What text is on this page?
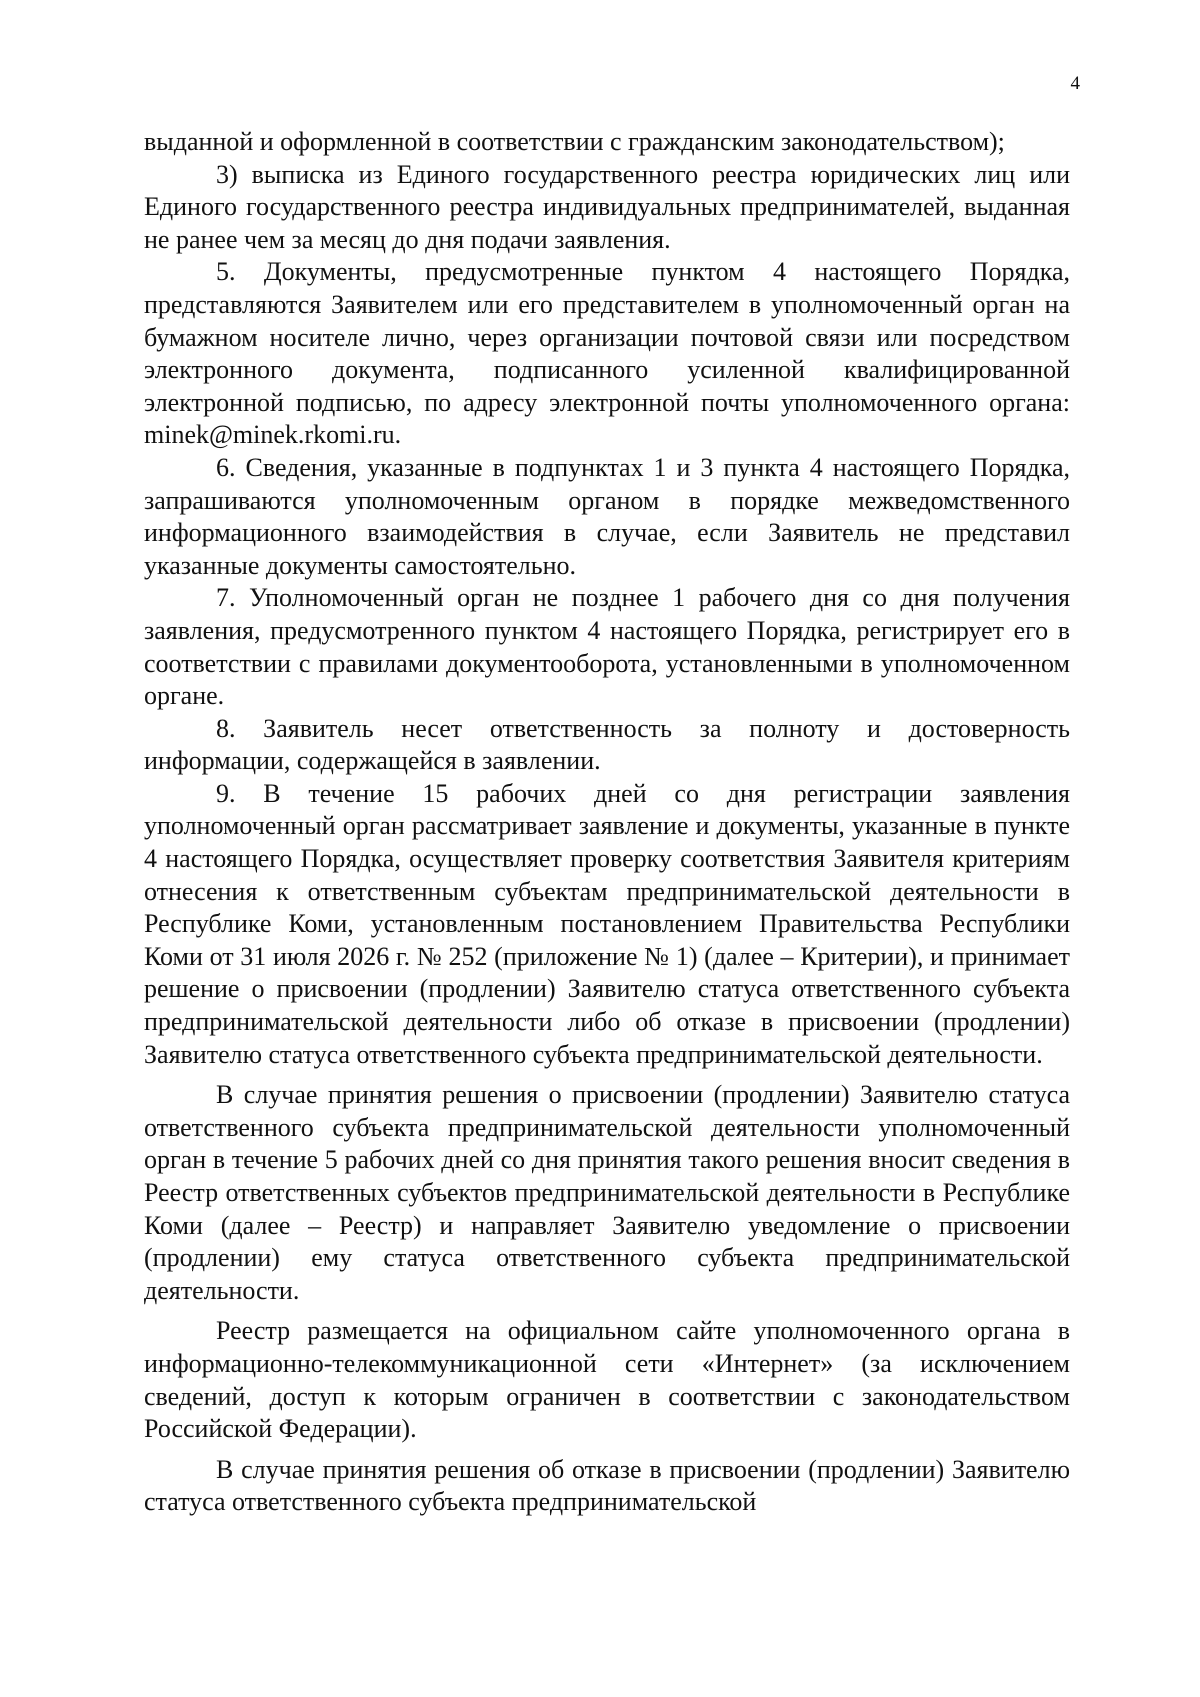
4

выданной и оформленной в соответствии с гражданским законодательством);

3) выписка из Единого государственного реестра юридических лиц или Единого государственного реестра индивидуальных предпринимателей, выданная не ранее чем за месяц до дня подачи заявления.

5. Документы, предусмотренные пунктом 4 настоящего Порядка, представляются Заявителем или его представителем в уполномоченный орган на бумажном носителе лично, через организации почтовой связи или посредством электронного документа, подписанного усиленной квалифицированной электронной подписью, по адресу электронной почты уполномоченного органа: minek@minek.rkomi.ru.

6. Сведения, указанные в подпунктах 1 и 3 пункта 4 настоящего Порядка, запрашиваются уполномоченным органом в порядке межведомственного информационного взаимодействия в случае, если Заявитель не представил указанные документы самостоятельно.

7. Уполномоченный орган не позднее 1 рабочего дня со дня получения заявления, предусмотренного пунктом 4 настоящего Порядка, регистрирует его в соответствии с правилами документооборота, установленными в уполномоченном органе.

8. Заявитель несет ответственность за полноту и достоверность информации, содержащейся в заявлении.

9. В течение 15 рабочих дней со дня регистрации заявления уполномоченный орган рассматривает заявление и документы, указанные в пункте 4 настоящего Порядка, осуществляет проверку соответствия Заявителя критериям отнесения к ответственным субъектам предпринимательской деятельности в Республике Коми, установленным постановлением Правительства Республики Коми от 31 июля 2026 г. № 252 (приложение № 1) (далее – Критерии), и принимает решение о присвоении (продлении) Заявителю статуса ответственного субъекта предпринимательской деятельности либо об отказе в присвоении (продлении) Заявителю статуса ответственного субъекта предпринимательской деятельности.

В случае принятия решения о присвоении (продлении) Заявителю статуса ответственного субъекта предпринимательской деятельности уполномоченный орган в течение 5 рабочих дней со дня принятия такого решения вносит сведения в Реестр ответственных субъектов предпринимательской деятельности в Республике Коми (далее – Реестр) и направляет Заявителю уведомление о присвоении (продлении) ему статуса ответственного субъекта предпринимательской деятельности.

Реестр размещается на официальном сайте уполномоченного органа в информационно-телекоммуникационной сети «Интернет» (за исключением сведений, доступ к которым ограничен в соответствии с законодательством Российской Федерации).

В случае принятия решения об отказе в присвоении (продлении) Заявителю статуса ответственного субъекта предпринимательской
